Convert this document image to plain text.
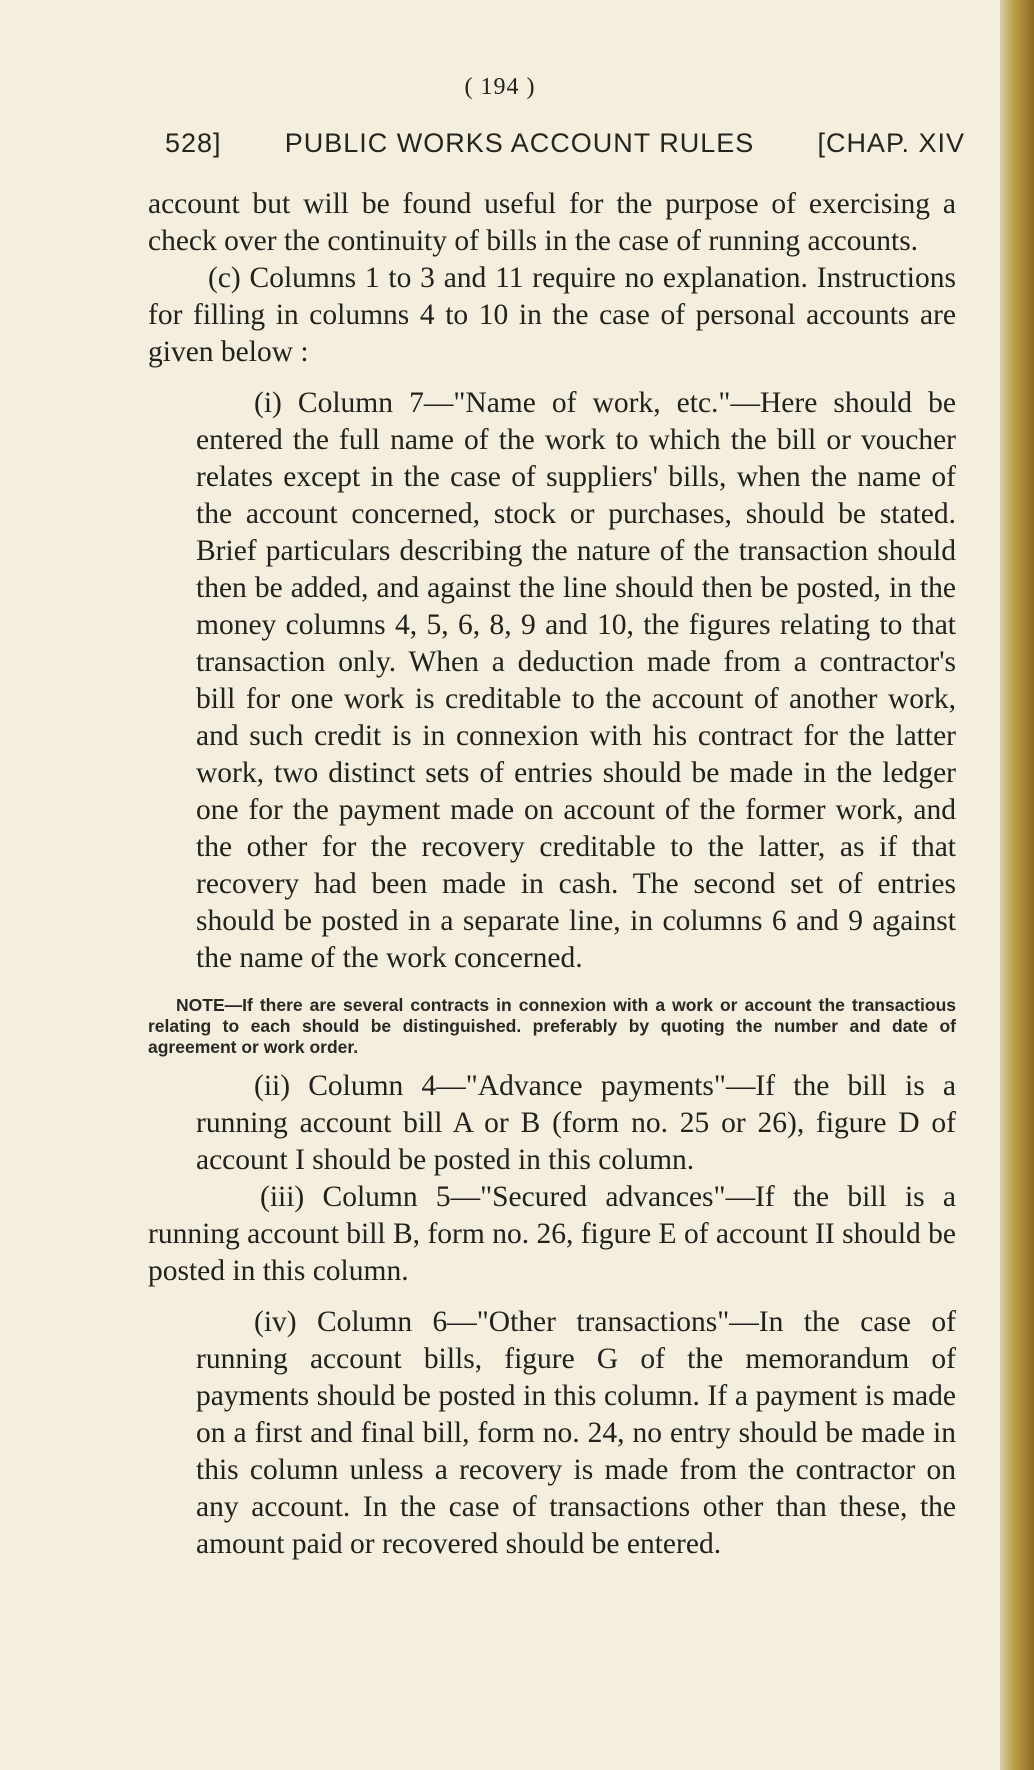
( 194 )
528] PUBLIC WORKS ACCOUNT RULES [CHAP. XIV

account but will be found useful for the purpose of exercising a check over the continuity of bills in the case of running accounts.

(c) Columns 1 to 3 and 11 require no explanation. Instructions for filling in columns 4 to 10 in the case of personal accounts are given below :

(i) Column 7—"Name of work, etc."—Here should be entered the full name of the work to which the bill or voucher relates except in the case of suppliers' bills, when the name of the account concerned, stock or purchases, should be stated. Brief particulars describing the nature of the transaction should then be added, and against the line should then be posted, in the money columns 4, 5, 6, 8, 9 and 10, the figures relating to that transaction only. When a deduction made from a contractor's bill for one work is creditable to the account of another work, and such credit is in connexion with his contract for the latter work, two distinct sets of entries should be made in the ledger one for the payment made on account of the former work, and the other for the recovery creditable to the latter, as if that recovery had been made in cash. The second set of entries should be posted in a separate line, in columns 6 and 9 against the name of the work concerned.

NOTE—If there are several contracts in connexion with a work or account the transactious relating to each should be distinguished. preferably by quoting the number and date of agreement or work order.

(ii) Column 4—"Advance payments"—If the bill is a running account bill A or B (form no. 25 or 26), figure D of account I should be posted in this column.

(iii) Column 5—"Secured advances"—If the bill is a running account bill B, form no. 26, figure E of account II should be posted in this column.

(iv) Column 6—"Other transactions"—In the case of running account bills, figure G of the memorandum of payments should be posted in this column. If a payment is made on a first and final bill, form no. 24, no entry should be made in this column unless a recovery is made from the contractor on any account. In the case of transactions other than these, the amount paid or recovered should be entered.
